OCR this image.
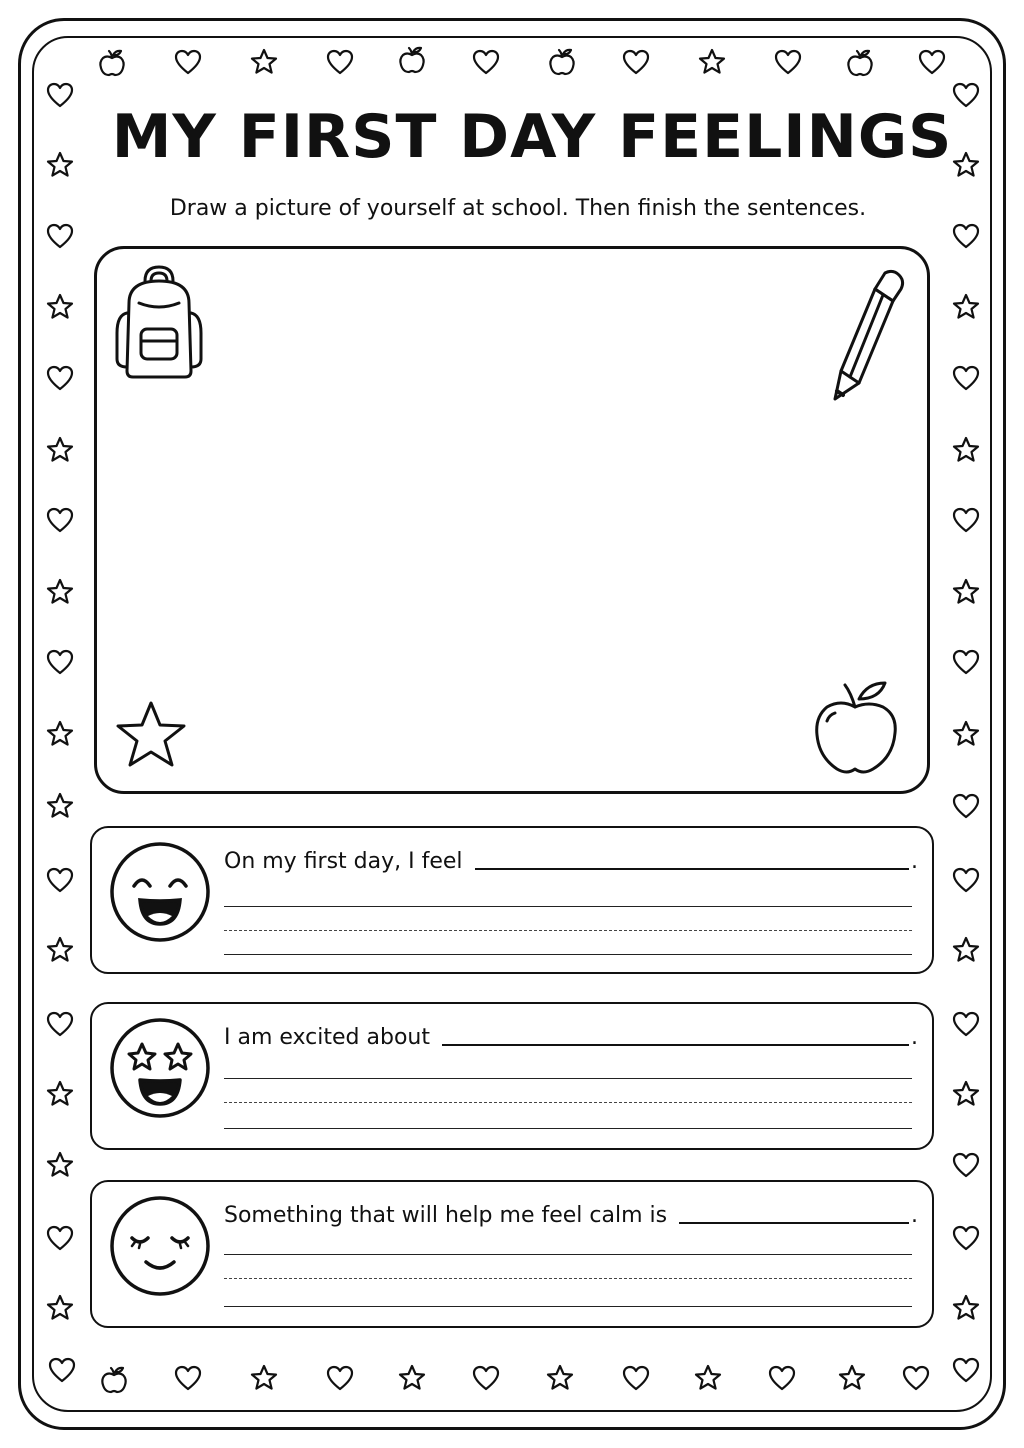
MY FIRST DAY FEELINGS

Draw a picture of yourself at school. Then finish the sentences.

On my first day, I feel	.
I am excited about	.
Something that will help me feel calm is	.
